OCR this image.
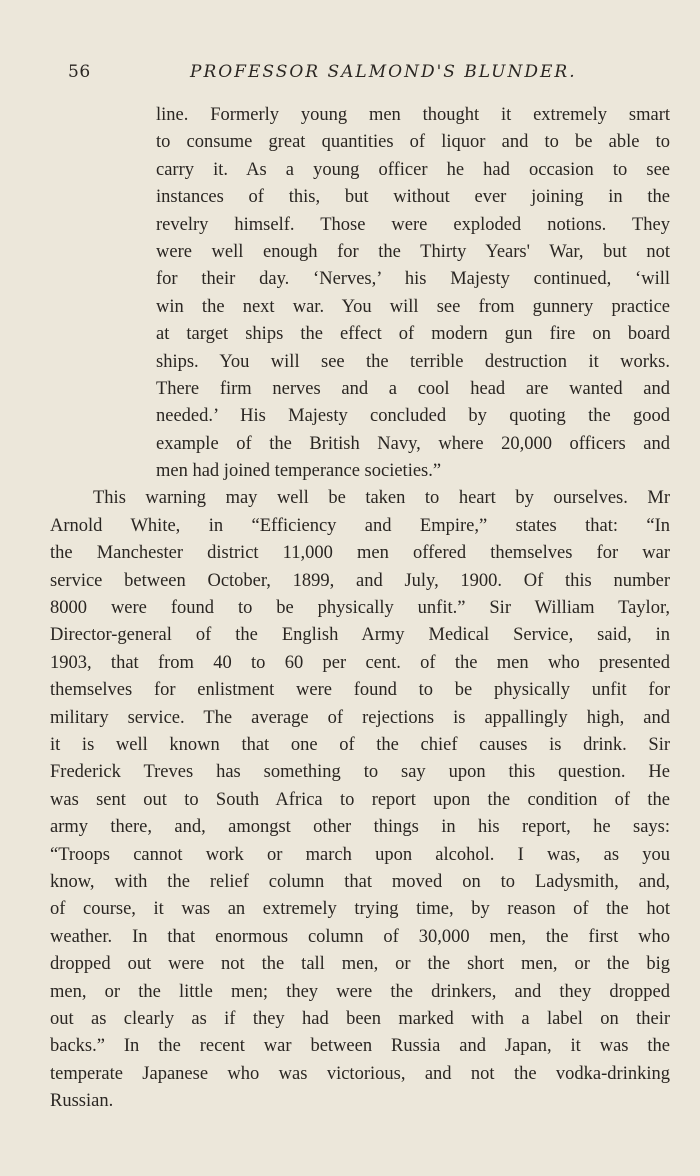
56	PROFESSOR SALMOND'S BLUNDER.
line. Formerly young men thought it extremely smart
to consume great quantities of liquor and to be able to
carry it. As a young officer he had occasion to see
instances of this, but without ever joining in the
revelry himself. Those were exploded notions. They
were well enough for the Thirty Years' War, but not
for their day. ‘Nerves,’ his Majesty continued, ‘will
win the next war. You will see from gunnery practice
at target ships the effect of modern gun fire on board
ships. You will see the terrible destruction it works.
There firm nerves and a cool head are wanted and
needed.’ His Majesty concluded by quoting the good
example of the British Navy, where 20,000 officers and
men had joined temperance societies.”
This warning may well be taken to heart by ourselves. Mr
Arnold White, in “Efficiency and Empire,” states that: “In
the Manchester district 11,000 men offered themselves for war
service between October, 1899, and July, 1900. Of this number
8000 were found to be physically unfit.” Sir William Taylor,
Director-general of the English Army Medical Service, said, in
1903, that from 40 to 60 per cent. of the men who presented
themselves for enlistment were found to be physically unfit for
military service. The average of rejections is appallingly high, and
it is well known that one of the chief causes is drink. Sir
Frederick Treves has something to say upon this question. He
was sent out to South Africa to report upon the condition of the
army there, and, amongst other things in his report, he says:
“Troops cannot work or march upon alcohol. I was, as you
know, with the relief column that moved on to Ladysmith, and,
of course, it was an extremely trying time, by reason of the hot
weather. In that enormous column of 30,000 men, the first who
dropped out were not the tall men, or the short men, or the big
men, or the little men; they were the drinkers, and they dropped
out as clearly as if they had been marked with a label on their
backs.” In the recent war between Russia and Japan, it was the
temperate Japanese who was victorious, and not the vodka-drinking
Russian.
